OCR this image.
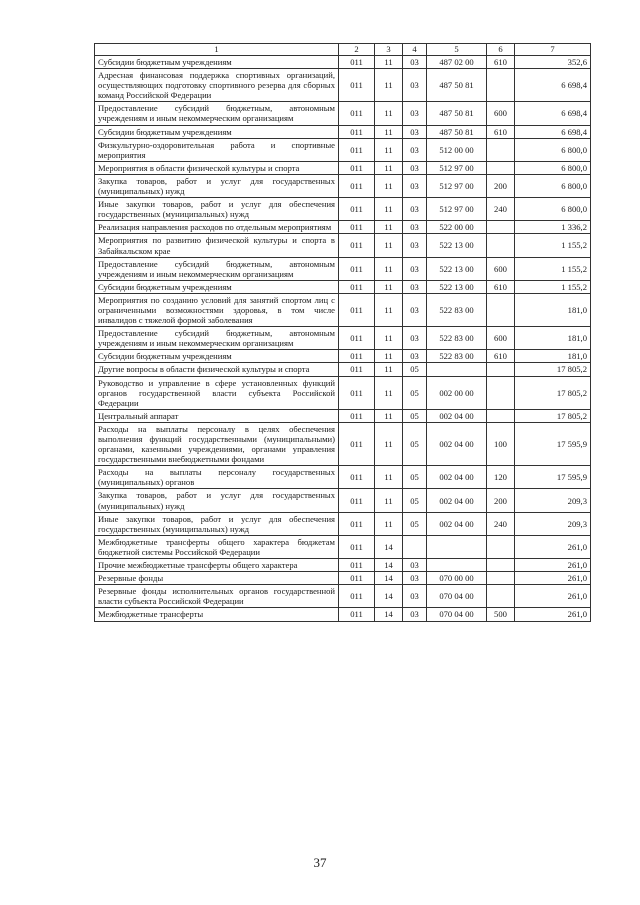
1	2	3	4	5	6	7
Субсидии бюджетным учреждениям	011	11	03	487 02 00	610	352,6
Адресная финансовая поддержка спортивных организаций, осуществляющих подготовку спортивного резерва для сборных команд Российской Федерации	011	11	03	487 50 81		6 698,4
Предоставление субсидий бюджетным, автономным учреждениям и иным некоммерческим организациям	011	11	03	487 50 81	600	6 698,4
Субсидии бюджетным учреждениям	011	11	03	487 50 81	610	6 698,4
Физкультурно-оздоровительная работа и спортивные мероприятия	011	11	03	512 00 00		6 800,0
Мероприятия в области физической культуры и спорта	011	11	03	512 97 00		6 800,0
Закупка товаров, работ и услуг для государственных (муниципальных) нужд	011	11	03	512 97 00	200	6 800,0
Иные закупки товаров, работ и услуг для обеспечения государственных (муниципальных) нужд	011	11	03	512 97 00	240	6 800,0
Реализация направления расходов по отдельным мероприятиям	011	11	03	522 00 00		1 336,2
Мероприятия по развитию физической культуры и спорта в Забайкальском крае	011	11	03	522 13 00		1 155,2
Предоставление субсидий бюджетным, автономным учреждениям и иным некоммерческим организациям	011	11	03	522 13 00	600	1 155,2
Субсидии бюджетным учреждениям	011	11	03	522 13 00	610	1 155,2
Мероприятия по созданию условий для занятий спортом лиц с ограниченными возможностями здоровья, в том числе инвалидов с тяжелой формой заболевания	011	11	03	522 83 00		181,0
Предоставление субсидий бюджетным, автономным учреждениям и иным некоммерческим организациям	011	11	03	522 83 00	600	181,0
Субсидии бюджетным учреждениям	011	11	03	522 83 00	610	181,0
Другие вопросы в области физической культуры и спорта	011	11	05			17 805,2
Руководство и управление в сфере установленных функций органов государственной власти субъекта Российской Федерации	011	11	05	002 00 00		17 805,2
Центральный аппарат	011	11	05	002 04 00		17 805,2
Расходы на выплаты персоналу в целях обеспечения выполнения функций государственными (муниципальными) органами, казенными учреждениями, органами управления государственными внебюджетными фондами	011	11	05	002 04 00	100	17 595,9
Расходы на выплаты персоналу государственных (муниципальных) органов	011	11	05	002 04 00	120	17 595,9
Закупка товаров, работ и услуг для государственных (муниципальных) нужд	011	11	05	002 04 00	200	209,3
Иные закупки товаров, работ и услуг для обеспечения государственных (муниципальных) нужд	011	11	05	002 04 00	240	209,3
Межбюджетные трансферты общего характера бюджетам бюджетной системы Российской Федерации	011	14				261,0
Прочие межбюджетные трансферты общего характера	011	14	03			261,0
Резервные фонды	011	14	03	070 00 00		261,0
Резервные фонды исполнительных органов государственной власти субъекта Российской Федерации	011	14	03	070 04 00		261,0
Межбюджетные трансферты	011	14	03	070 04 00	500	261,0
37
